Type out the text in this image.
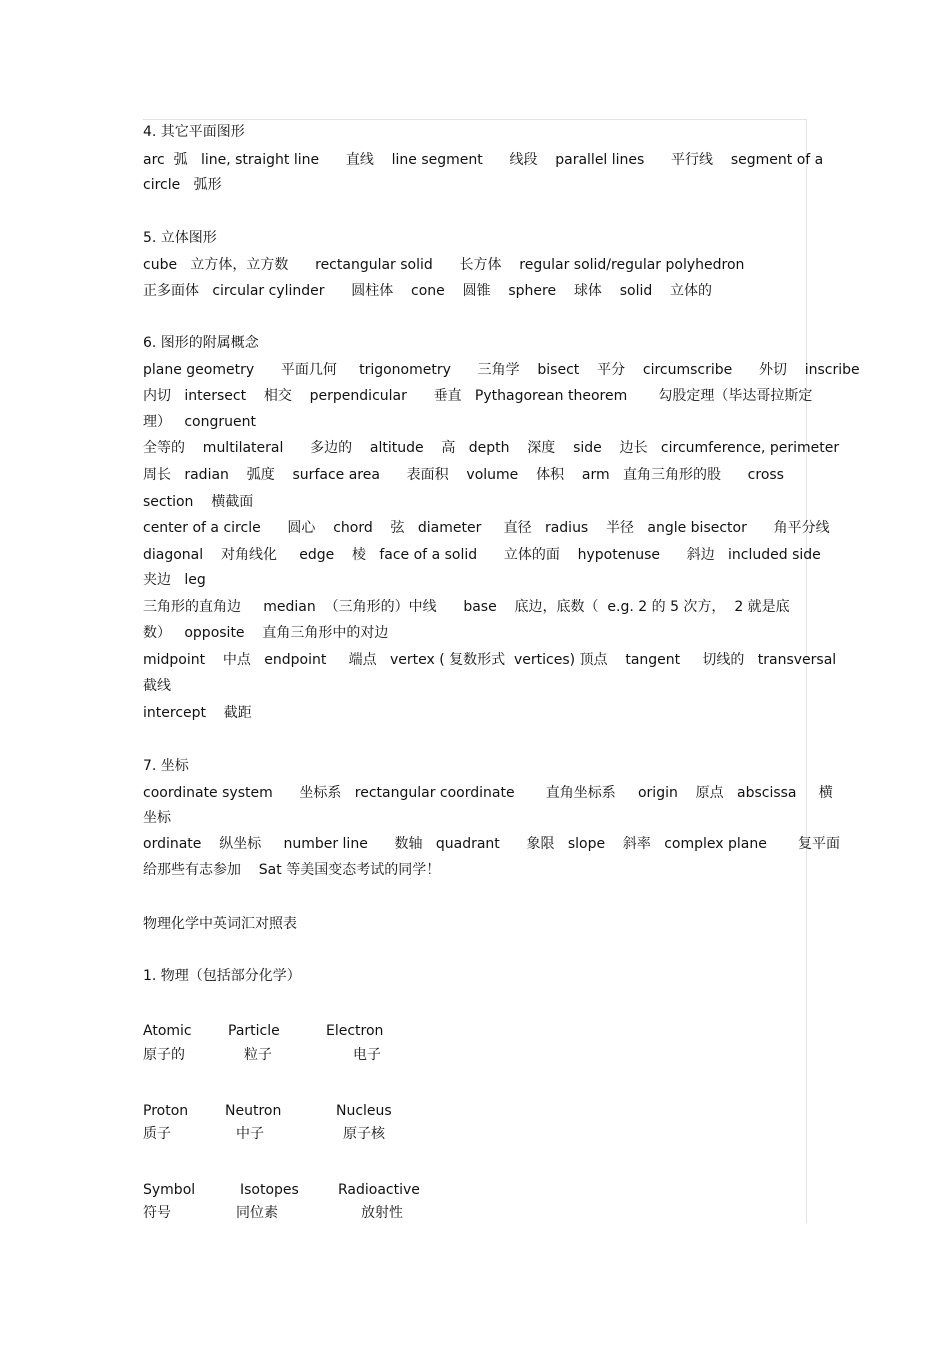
4. 其它平面图形
arc  弧   line, straight line      直线    line segment      线段    parallel lines      平行线    segment of a
circle   弧形
5. 立体图形
cube   立方体，立方数      rectangular solid      长方体    regular solid/regular polyhedron
正多面体   circular cylinder      圆柱体    cone    圆锥    sphere    球体    solid    立体的
6. 图形的附属概念
plane geometry      平面几何     trigonometry      三角学    bisect    平分    circumscribe      外切    inscribe
内切   intersect    相交    perpendicular      垂直   Pythagorean theorem       勾股定理（毕达哥拉斯定
理）   congruent
全等的    multilateral      多边的    altitude    高   depth    深度    side    边长   circumference, perimeter
周长   radian    弧度    surface area      表面积    volume    体积    arm   直角三角形的股      cross
section    横截面
center of a circle      圆心    chord    弦   diameter     直径   radius    半径   angle bisector      角平分线
diagonal    对角线化     edge    棱   face of a solid      立体的面    hypotenuse      斜边   included side
夹边   leg
三角形的直角边     median  （三角形的）中线      base    底边，底数（  e.g. 2 的 5 次方，  2 就是底
数）   opposite    直角三角形中的对边
midpoint    中点   endpoint     端点   vertex ( 复数形式  vertices) 顶点    tangent     切线的   transversal
截线
intercept    截距
7. 坐标
coordinate system      坐标系   rectangular coordinate       直角坐标系     origin    原点   abscissa     横
坐标
ordinate    纵坐标     number line      数轴   quadrant      象限   slope    斜率   complex plane       复平面
给那些有志参加    Sat 等美国变态考试的同学！
物理化学中英词汇对照表
1. 物理（包括部分化学）
Atomic	Particle	Electron
原子的	粒子	电子
Proton	Neutron	Nucleus
质子	中子	原子核
Symbol	Isotopes	Radioactive
符号	同位素	放射性
